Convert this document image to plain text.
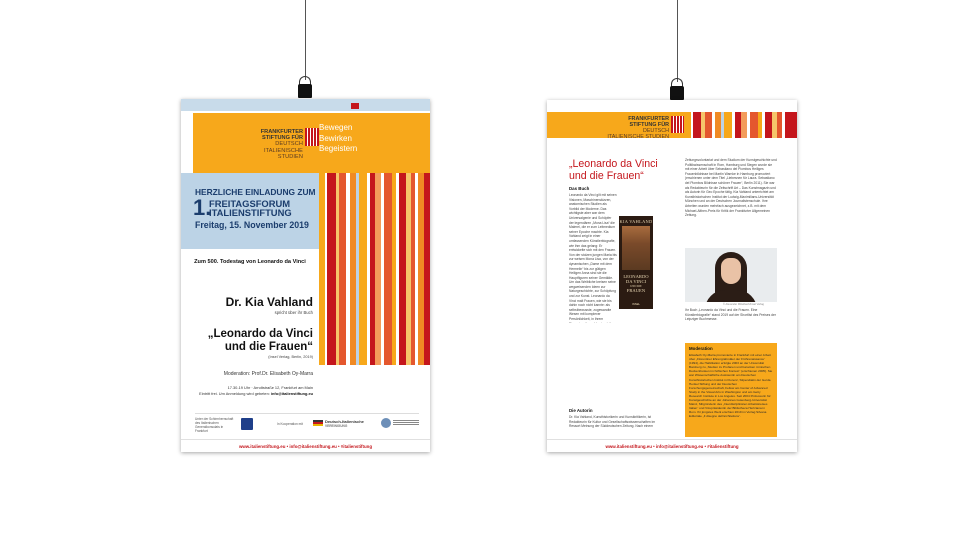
FRANKFURTER
STIFTUNG FÜR
DEUTSCH
ITALIENISCHE STUDIEN
Bewegen
Bewirken
Begeistern
HERZLICHE EINLADUNG ZUM
1.
FREITAGSFORUM
ITALIENSTIFTUNG
Freitag, 15. November 2019
Zum 500. Todestag von Leonardo da Vinci
Dr. Kia Vahland
spricht über ihr Buch
„Leonardo da Vinci
und die Frauen“
(Insel Verlag, Berlin, 2019)
Moderation: Prof.Dr. Elisabeth Oy-Marra
17.30-19 Uhr · Arndtstraße 12, Frankfurt am Main
Eintritt frei. Um Anmeldung wird gebeten: info@italienstiftung.eu
Unter der Schirmherrschaft des Italienischen Generalkonsulats in Frankfurt
In Kooperation mit	Deutsch-Italienische
VEREINIGUNG
www.italienstiftung.eu • info@italienstiftung.eu • #italienstiftung
FRANKFURTER
STIFTUNG FÜR
DEUTSCH
ITALIENISCHE STUDIEN
„Leonardo da Vinci
und die Frauen“
Das Buch
Leonardo da Vinci gilt mit seinen Visionen, Maschinenskizzen, anatomischen Studien als Vorbild der Moderne. Das wichtigste aber war dem Universalgenie und Schöpfer der legendären „Mona Lisa“ die Malerei, die er zum Leitmedium seiner Epoche machte. Kia Vahland zeigt in einer umfassenden Künstlerbiografie, wie ihm das gelang: Er entwickelte sich mit den Frauen. Von der stolzen jungen Maria bis zur weisen Mona Lisa, von der dynamischen „Dame mit dem Hermelin“ bis zur gütigen Heiligen Anna sind sie die Hauptfiguren seiner Gemälde. Um das Weibliche kreisen seine wegweisenden Ideen zur Naturgeschichte, zur Schöpfung und zur Kunst. Leonardo da Vinci malt Frauen, wie sie bis dahin noch nicht kannte: als selbstbewusste, zugewandte Wesen mit komplexer Persönlichkeit, in ihrem
KIA VAHLAND
LEONARDO
DA VINCI
UND DIE
FRAUEN
INSEL
Die Autorin
Dr. Kia Vahland, Kunsthistorikerin und Kunstkritikerin, ist Redakteurin für Kultur und Gesellschaftswissenschaften im Ressort Meinung der Süddeutschen Zeitung. Nach einem
Zeitungsvolontariat und dem Studium der Kunstgeschichte und Politikwissenschaft in Rom, Hamburg und Siegen wurde sie mit einer Arbeit über Sebastiano del Piombos Heiliges Frauenbildnisse bei Martin Warnke in Hamburg promoviert (erschienen unter dem Titel „Liebesnen für Laura. Sebastiano del Piombos Bildnisse schöner Frauen“, Berlin 2011). Sie war als Redakteurin für die Zeitschrift Art – Das Kunstmagazin und als Autorin für Geo Epoche tätig. Kia Vahland unterrichtet am Kunsthistorischen Institut der Ludwig-Maximilians-Universität München und an der Deutschen Journalistenschule. Ihre Arbeiten wurden mehrfach ausgezeichnet, z.B. mit dem Michael-Althen-Preis für Kritik der Frankfurter Allgemeinen Zeitung.
© Alexander Mittelbach/Insel Verlag
Ihr Buch „Leonardo da Vinci und die Frauen. Eine Künstlerbiografie“ stand 2019 auf der Shortlist des Preises der Leipziger Buchmesse.
Moderation
Elisabeth Oy-Marra promovierte in Frankfurt mit einer Arbeit über „Florentiner Ehrengrabmäler der Frührenaissance“ (1994), die Habilitation erfolgte 2003 an der Universität Bamberg zu „Studien zu Profanen und barocken römischen Deckenfresken im höfischen Kontext“ (erschienen 2005). Sie war Wissenschaftliche Assistentin am Deutschen Kunsthistorischen Institut in Florenz, Stipendiatin der Gerda Henkel Stiftung und der Deutschen Forschungsgemeinschaft, Fellow am Center of Advanced Study in the Visual Arts in Washington und am Getty Research Institute in Los Angeles. Seit 2004 Professorin für Kunstgeschichte an der Johannes Gutenberg-Universität Mainz, Mitgründerin des „Interdisziplinären Arbeitskreises Italien“ und Vizepräsidentin der Bibliotheca Hertziana in Rom. Ihr jüngstes Werk erschien 2019 im Verlag Silvana Editoriale „Il disegno dell’architettura“.
www.italienstiftung.eu • info@italienstiftung.eu • #italienstiftung
